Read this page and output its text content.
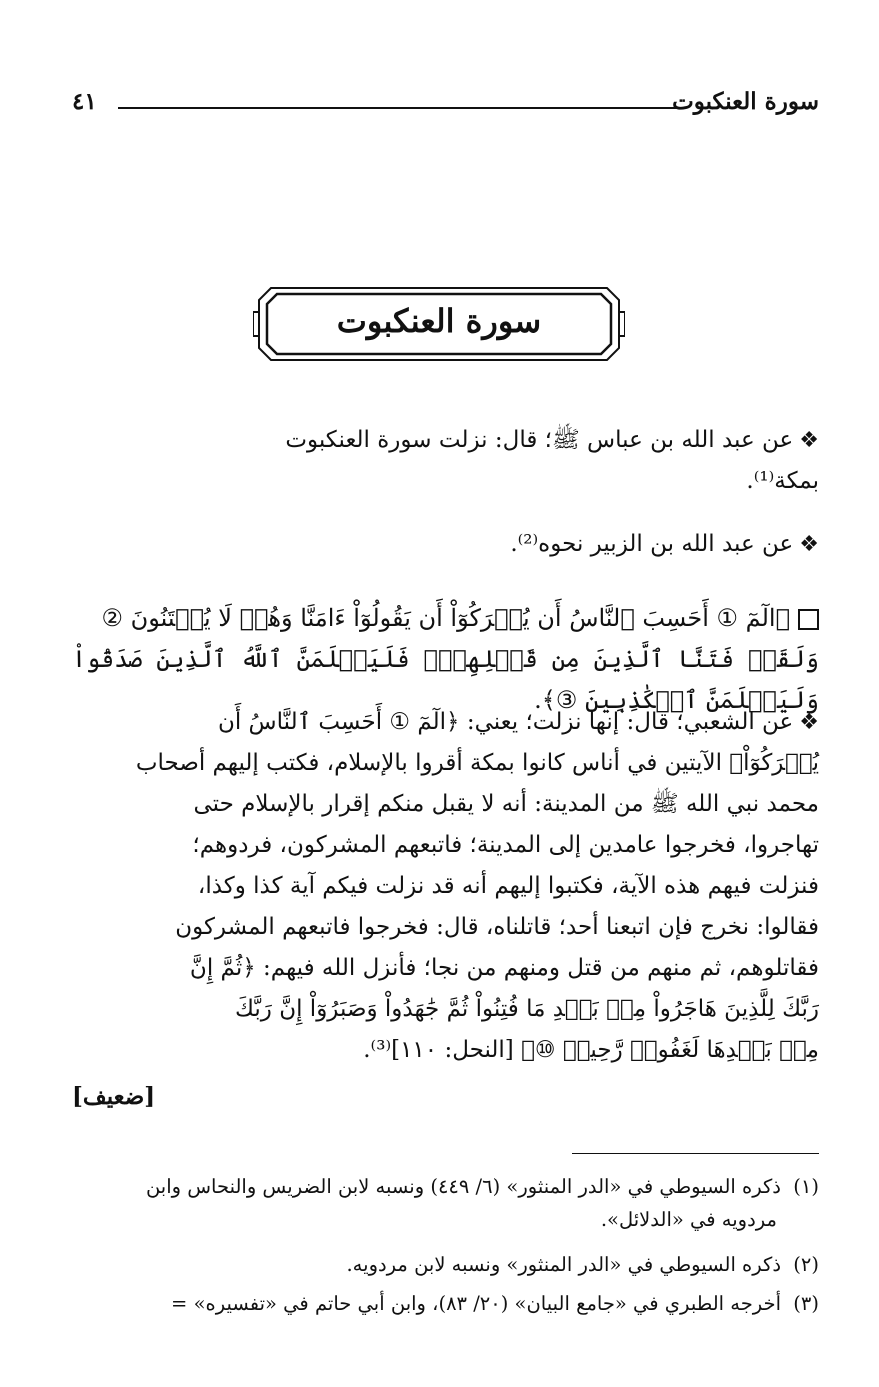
سورة العنكبوت
٤١
سورة العنكبوت
❖عن عبد الله بن عباس ﷺ؛ قال: نزلت سورة العنكبوت
بمكة⁽¹⁾.
❖عن عبد الله بن الزبير نحوه⁽²⁾.
﴿الٓمٓ ① أَحَسِبَ ٱلنَّاسُ أَن يُتۡرَكُوٓاْ أَن يَقُولُوٓاْ ءَامَنَّا وَهُمۡ لَا يُفۡتَنُونَ ②
وَلَقَدۡ فَتَنَّا ٱلَّذِينَ مِن قَبۡلِهِمۡۖ فَلَيَعۡلَمَنَّ ٱللَّهُ ٱلَّذِينَ صَدَقُواْ وَلَيَعۡلَمَنَّ ٱلۡكَٰذِبِينَ ③﴾.
❖عن الشعبي؛ قال: إنها نزلت؛ يعني: ﴿الٓمٓ ① أَحَسِبَ ٱلنَّاسُ أَن
يُتۡرَكُوٓاْ﴾ الآيتين في أناس كانوا بمكة أقروا بالإسلام، فكتب إليهم أصحاب
محمد نبي الله ﷺ من المدينة: أنه لا يقبل منكم إقرار بالإسلام حتى
تهاجروا، فخرجوا عامدين إلى المدينة؛ فاتبعهم المشركون، فردوهم؛
فنزلت فيهم هذه الآية، فكتبوا إليهم أنه قد نزلت فيكم آية كذا وكذا،
فقالوا: نخرج فإن اتبعنا أحد؛ قاتلناه، قال: فخرجوا فاتبعهم المشركون
فقاتلوهم، ثم منهم من قتل ومنهم من نجا؛ فأنزل الله فيهم: ﴿ثُمَّ إِنَّ
رَبَّكَ لِلَّذِينَ هَاجَرُواْ مِنۢ بَعۡدِ مَا فُتِنُواْ ثُمَّ جَٰهَدُواْ وَصَبَرُوٓاْ إِنَّ رَبَّكَ
مِنۢ بَعۡدِهَا لَغَفُورٞ رَّحِيمٞ ⑩﴾ [النحل: ١١٠]⁽³⁾.
[ضعيف]
(١)ذكره السيوطي في «الدر المنثور» (٦/ ٤٤٩) ونسبه لابن الضريس والنحاس وابن
مردويه في «الدلائل».
(٢)ذكره السيوطي في «الدر المنثور» ونسبه لابن مردويه.
(٣)أخرجه الطبري في «جامع البيان» (٢٠/ ٨٣)، وابن أبي حاتم في «تفسيره» =
